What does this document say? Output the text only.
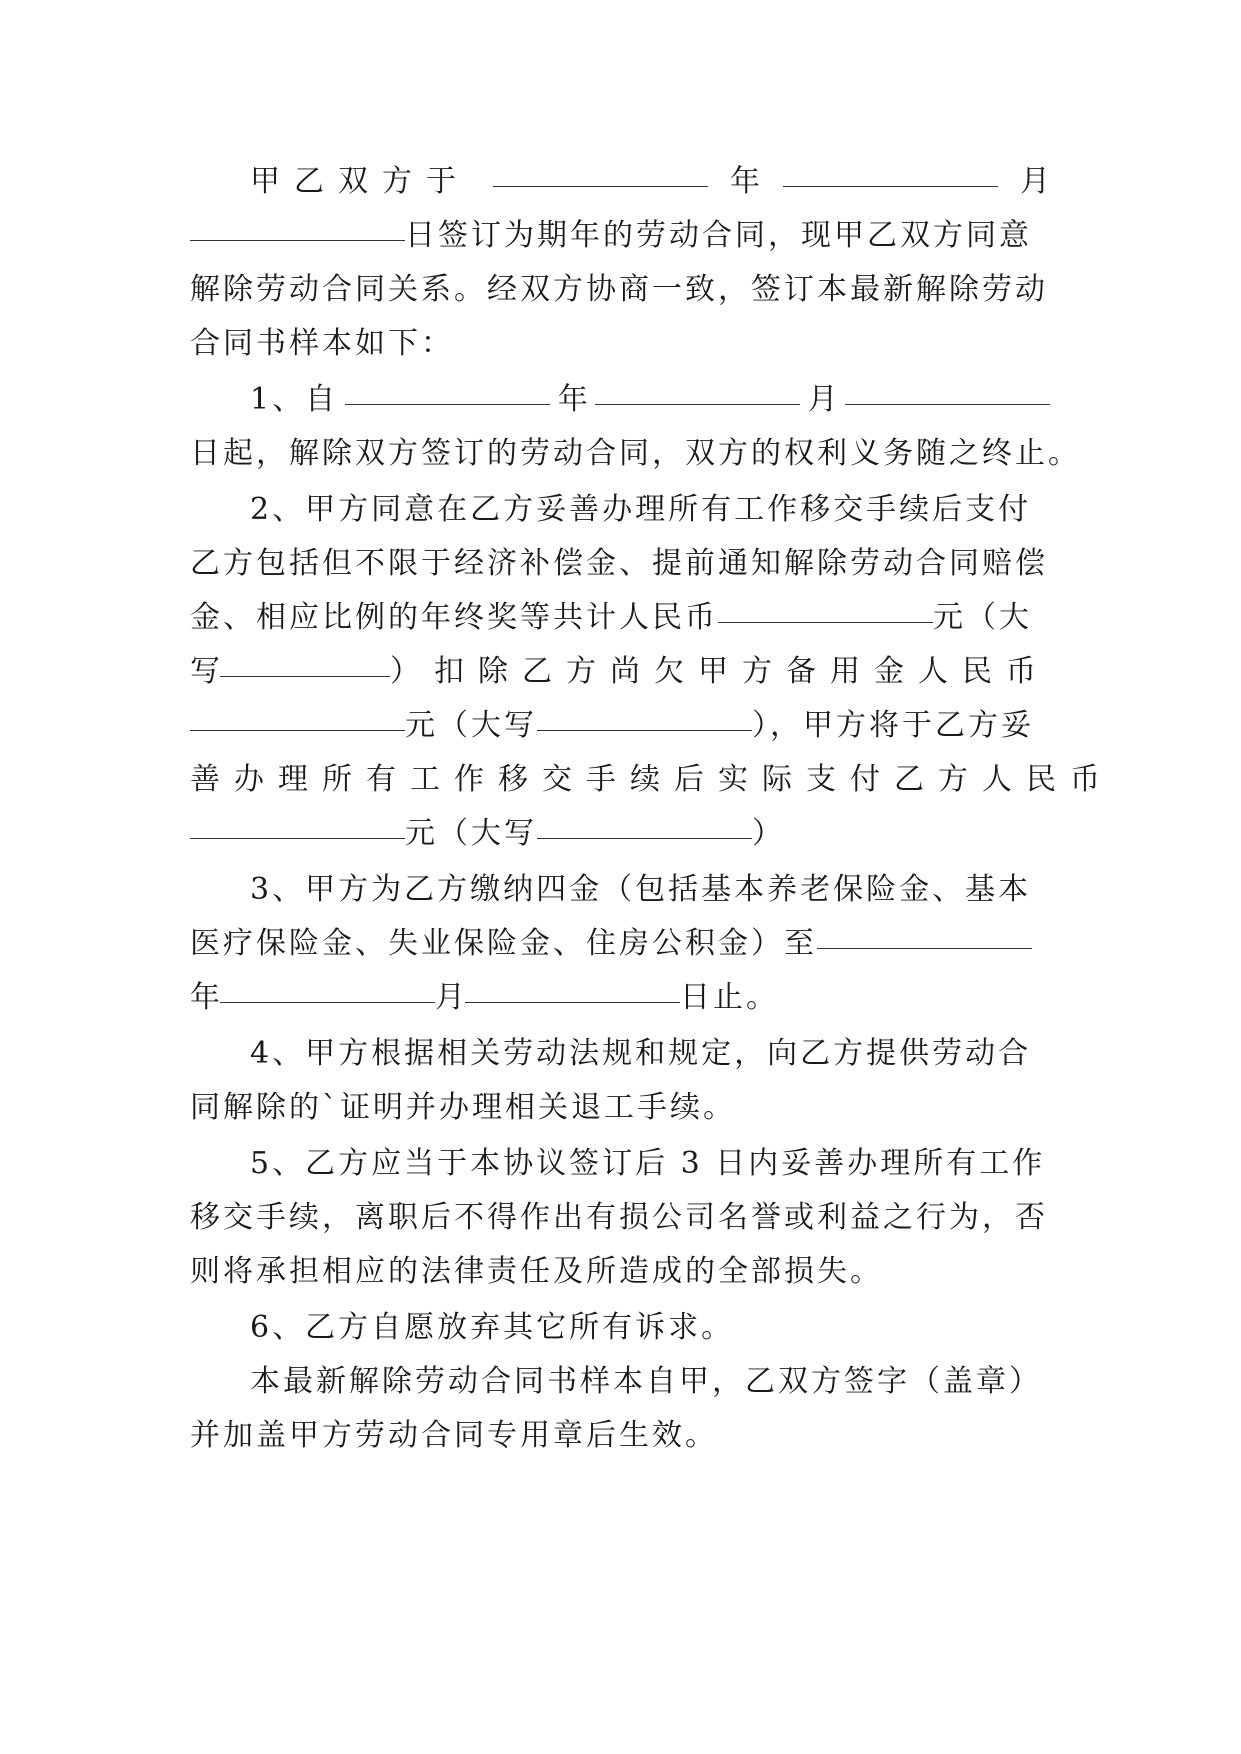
甲乙双方于	年	月
日签订为期年的劳动合同，现甲乙双方同意
解除劳动合同关系。经双方协商一致，签订本最新解除劳动
合同书样本如下：
1、自	年	月
日起，解除双方签订的劳动合同，双方的权利义务随之终止。
2、甲方同意在乙方妥善办理所有工作移交手续后支付
乙方包括但不限于经济补偿金、提前通知解除劳动合同赔偿
金、相应比例的年终奖等共计人民币	元（大
写	）扣除乙方尚欠甲方备用金人民币
元（大写	），甲方将于乙方妥
善办理所有工作移交手续后实际支付乙方人民币
元（大写	）
3、甲方为乙方缴纳四金（包括基本养老保险金、基本
医疗保险金、失业保险金、住房公积金）至
年	月	日止。
4、甲方根据相关劳动法规和规定，向乙方提供劳动合
同解除的`证明并办理相关退工手续。
5、乙方应当于本协议签订后 3 日内妥善办理所有工作
移交手续，离职后不得作出有损公司名誉或利益之行为，否
则将承担相应的法律责任及所造成的全部损失。
6、乙方自愿放弃其它所有诉求。
本最新解除劳动合同书样本自甲，乙双方签字（盖章）
并加盖甲方劳动合同专用章后生效。
